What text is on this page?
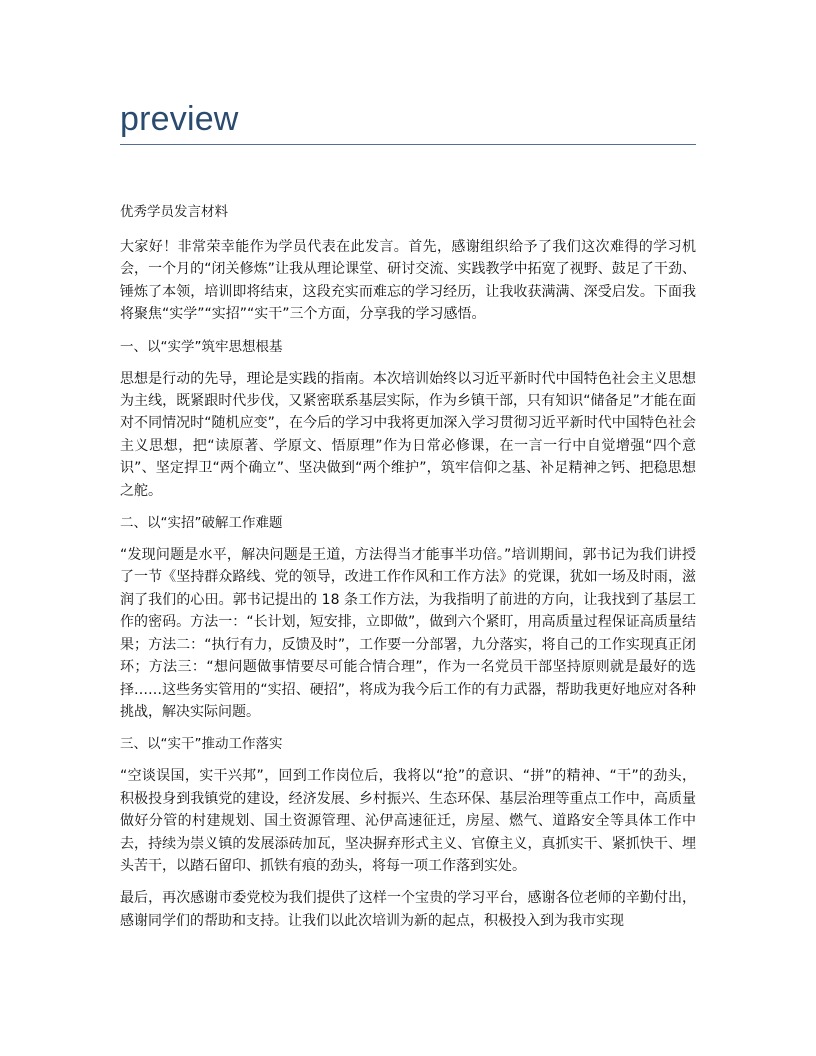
preview
优秀学员发言材料
大家好！非常荣幸能作为学员代表在此发言。首先，感谢组织给予了我们这次难得的学习机会，一个月的“闭关修炼”让我从理论课堂、研讨交流、实践教学中拓宽了视野、鼓足了干劲、锤炼了本领，培训即将结束，这段充实而难忘的学习经历，让我收获满满、深受启发。下面我将聚焦“实学”“实招”“实干”三个方面，分享我的学习感悟。
一、以“实学”筑牢思想根基
思想是行动的先导，理论是实践的指南。本次培训始终以习近平新时代中国特色社会主义思想为主线，既紧跟时代步伐，又紧密联系基层实际，作为乡镇干部，只有知识“储备足”才能在面对不同情况时“随机应变”，在今后的学习中我将更加深入学习贯彻习近平新时代中国特色社会主义思想，把“读原著、学原文、悟原理”作为日常必修课，在一言一行中自觉增强“四个意识”、坚定捍卫“两个确立”、坚决做到“两个维护”，筑牢信仰之基、补足精神之钙、把稳思想之舵。
二、以“实招”破解工作难题
“发现问题是水平，解决问题是王道，方法得当才能事半功倍。”培训期间，郭书记为我们讲授了一节《坚持群众路线、党的领导，改进工作作风和工作方法》的党课，犹如一场及时雨，滋润了我们的心田。郭书记提出的 18 条工作方法，为我指明了前进的方向，让我找到了基层工作的密码。方法一：“长计划，短安排，立即做”，做到六个紧盯，用高质量过程保证高质量结果；方法二：“执行有力，反馈及时”，工作要一分部署，九分落实，将自己的工作实现真正闭环；方法三：“想问题做事情要尽可能合情合理”，作为一名党员干部坚持原则就是最好的选择……这些务实管用的“实招、硬招”，将成为我今后工作的有力武器，帮助我更好地应对各种挑战，解决实际问题。
三、以“实干”推动工作落实
“空谈误国，实干兴邦”，回到工作岗位后，我将以“抢”的意识、“拼”的精神、“干”的劲头，积极投身到我镇党的建设，经济发展、乡村振兴、生态环保、基层治理等重点工作中，高质量做好分管的村建规划、国土资源管理、沁伊高速征迁，房屋、燃气、道路安全等具体工作中去，持续为崇义镇的发展添砖加瓦，坚决摒弃形式主义、官僚主义，真抓实干、紧抓快干、埋头苦干，以踏石留印、抓铁有痕的劲头，将每一项工作落到实处。
最后，再次感谢市委党校为我们提供了这样一个宝贵的学习平台，感谢各位老师的辛勤付出，感谢同学们的帮助和支持。让我们以此次培训为新的起点，积极投入到为我市实现
